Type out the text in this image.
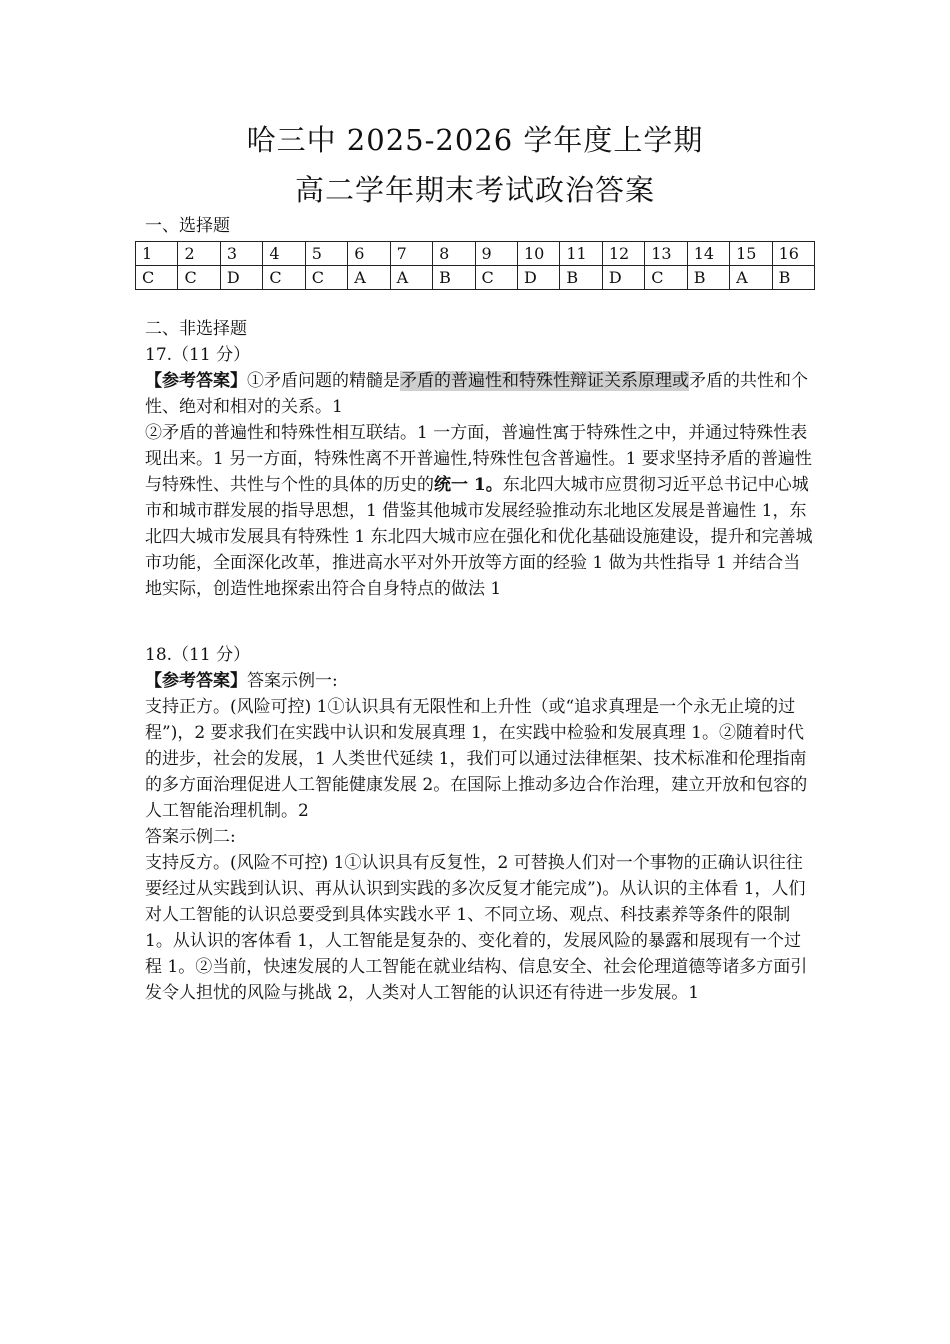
哈三中 2025-2026 学年度上学期
高二学年期末考试政治答案
一、选择题
1	2	3	4	5	6	7	8	9	10	11	12	13	14	15	16
C	C	D	C	C	A	A	B	C	D	B	D	C	B	A	B
二、非选择题

17.（11 分）

【参考答案】①矛盾问题的精髓是矛盾的普遍性和特殊性辩证关系原理或矛盾的共性和个性、绝对和相对的关系。1

②矛盾的普遍性和特殊性相互联结。1 一方面，普遍性寓于特殊性之中，并通过特殊性表现出来。1 另一方面，特殊性离不开普遍性,特殊性包含普遍性。1 要求坚持矛盾的普遍性与特殊性、共性与个性的具体的历史的统一 1。东北四大城市应贯彻习近平总书记中心城市和城市群发展的指导思想，1 借鉴其他城市发展经验推动东北地区发展是普遍性 1，东北四大城市发展具有特殊性 1 东北四大城市应在强化和优化基础设施建设，提升和完善城市功能，全面深化改革，推进高水平对外开放等方面的经验 1 做为共性指导 1 并结合当地实际，创造性地探索出符合自身特点的做法 1

18.（11 分）

【参考答案】答案示例一:

支持正方。(风险可控) 1①认识具有无限性和上升性（或“追求真理是一个永无止境的过程”)，2 要求我们在实践中认识和发展真理 1，在实践中检验和发展真理 1。②随着时代的进步，社会的发展，1 人类世代延续 1，我们可以通过法律框架、技术标准和伦理指南的多方面治理促进人工智能健康发展 2。在国际上推动多边合作治理，建立开放和包容的人工智能治理机制。2

答案示例二:

支持反方。(风险不可控) 1①认识具有反复性，2 可替换人们对一个事物的正确认识往往要经过从实践到认识、再从认识到实践的多次反复才能完成”)。从认识的主体看 1，人们对人工智能的认识总要受到具体实践水平 1、不同立场、观点、科技素养等条件的限制 1。从认识的客体看 1，人工智能是复杂的、变化着的，发展风险的暴露和展现有一个过程 1。②当前，快速发展的人工智能在就业结构、信息安全、社会伦理道德等诸多方面引发令人担忧的风险与挑战 2，人类对人工智能的认识还有待进一步发展。1
